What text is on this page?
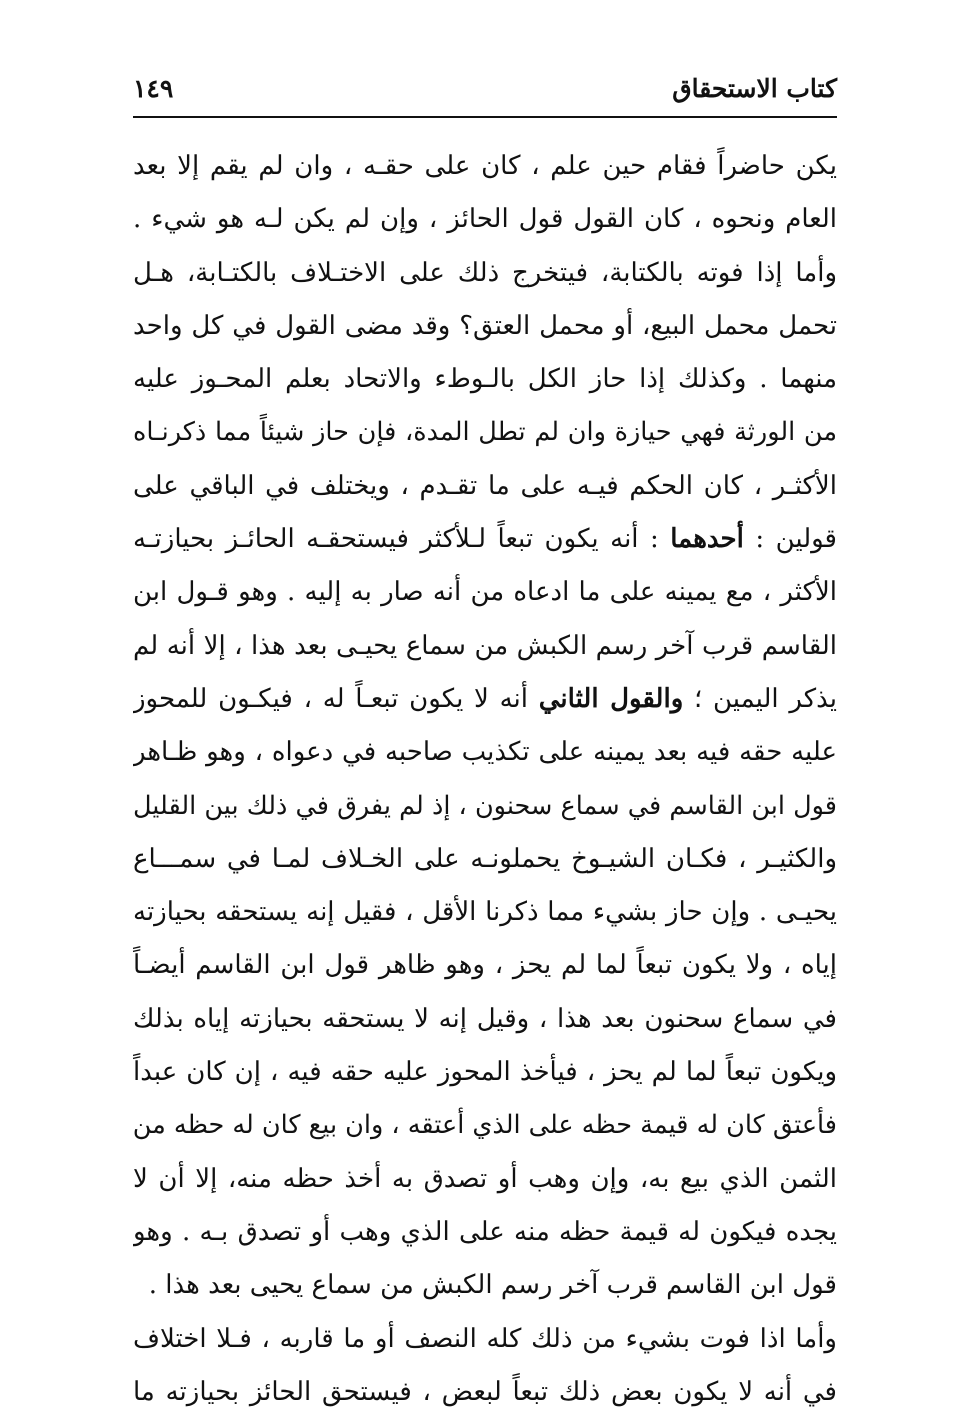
١٤٩	كتاب الاستحقاق
يكن حاضراً فقام حين علم ، كان على حقـه ، وان لم يقم إلا بعد
العام ونحوه ، كان القول قول الحائز ، وإن لم يكن لـه هو شيء .
وأما إذا فوته بالكتابة، فيتخرج ذلك على الاختـلاف بالكتـابة، هـل
تحمل محمل البيع، أو محمل العتق؟ وقد مضى القول في كل واحد
منهما . وكذلك إذا حاز الكل بالـوطء والاتحاد بعلم المحـوز عليه
من الورثة فهي حيازة وان لم تطل المدة، فإن حاز شيئاً مما ذكرنـاه
الأكثـر ، كان الحكم فيـه على ما تقـدم ، ويختلف في الباقي على
قولين : أحدهما : أنه يكون تبعاً لـلأكثر فيستحقـه الحائـز بحيازتـه
الأكثر ، مع يمينه على ما ادعاه من أنه صار به إليه . وهو قـول ابن
القاسم قرب آخر رسم الكبش من سماع يحيـى بعد هذا ، إلا أنه لم
يذكر اليمين ؛ والقول الثاني أنه لا يكون تبعـاً له ، فيكـون للمحوز
عليه حقه فيه بعد يمينه على تكذيب صاحبه في دعواه ، وهو ظـاهر
قول ابن القاسم في سماع سحنون ، إذ لم يفرق في ذلك بين القليل
والكثيـر ، فكـان الشيـوخ يحملونـه على الخـلاف لمـا في سمـــاع
يحيـى . وإن حاز بشيء مما ذكرنا الأقل ، فقيل إنه يستحقه بحيازته
إياه ، ولا يكون تبعاً لما لم يحز ، وهو ظاهر قول ابن القاسم أيضـاً
في سماع سحنون بعد هذا ، وقيل إنه لا يستحقه بحيازته إياه بذلك
ويكون تبعاً لما لم يحز ، فيأخذ المحوز عليه حقه فيه ، إن كان عبداً
فأعتق كان له قيمة حظه على الذي أعتقه ، وان بيع كان له حظه من
الثمن الذي بيع به، وإن وهب أو تصدق به أخذ حظه منه، إلا أن لا
يجده فيكون له قيمة حظه منه على الذي وهب أو تصدق بـه . وهو
قول ابن القاسم قرب آخر رسم الكبش من سماع يحيى بعد هذا .
وأما اذا فوت بشيء من ذلك كله النصف أو ما قاربه ، فـلا اختلاف
في أنه لا يكون بعض ذلك تبعاً لبعض ، فيستحق الحائز بحيازته ما
